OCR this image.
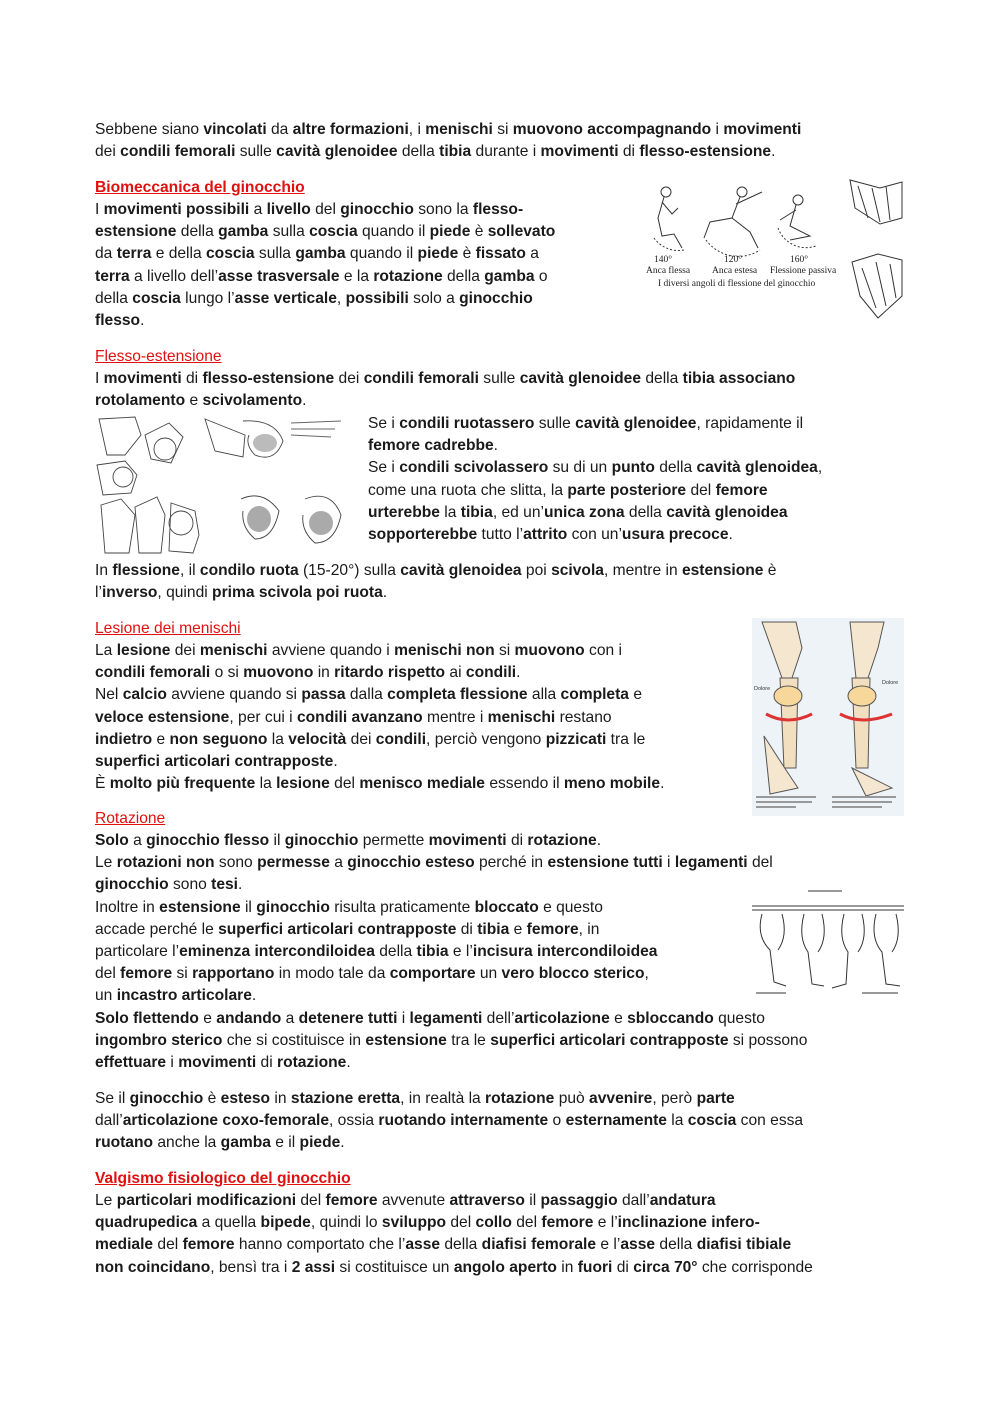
Sebbene siano vincolati da altre formazioni, i menischi si muovono accompagnando i movimenti
dei condili femorali sulle cavità glenoidee della tibia durante i movimenti di flesso-estensione.
Biomeccanica del ginocchio
I movimenti possibili a livello del ginocchio sono la flesso-
estensione della gamba sulla coscia quando il piede è sollevato
da terra e della coscia sulla gamba quando il piede è fissato a
terra a livello dell’asse trasversale e la rotazione della gamba o
della coscia lungo l’asse verticale, possibili solo a ginocchio
flesso.
140°	120°	160°
Anca flessa Anca estesa Flessione passiva
I diversi angoli di flessione del ginocchio
Flesso-estensione
I movimenti di flesso-estensione dei condili femorali sulle cavità glenoidee della tibia associano
rotolamento e scivolamento.
Se i condili ruotassero sulle cavità glenoidee, rapidamente il
femore cadrebbe.
Se i condili scivolassero su di un punto della cavità glenoidea,
come una ruota che slitta, la parte posteriore del femore
urterebbe la tibia, ed un’unica zona della cavità glenoidea
sopporterebbe tutto l’attrito con un’usura precoce.
In flessione, il condilo ruota (15-20°) sulla cavità glenoidea poi scivola, mentre in estensione è
l’inverso, quindi prima scivola poi ruota.
Lesione dei menischi
La lesione dei menischi avviene quando i menischi non si muovono con i
condili femorali o si muovono in ritardo rispetto ai condili.
Nel calcio avviene quando si passa dalla completa flessione alla completa e
veloce estensione, per cui i condili avanzano mentre i menischi restano
indietro e non seguono la velocità dei condili, perciò vengono pizzicati tra le
superfici articolari contrapposte.
È molto più frequente la lesione del menisco mediale essendo il meno mobile.
Dolore
Dolore
Rotazione
Solo a ginocchio flesso il ginocchio permette movimenti di rotazione.
Le rotazioni non sono permesse a ginocchio esteso perché in estensione tutti i legamenti del
ginocchio sono tesi.
Inoltre in estensione il ginocchio risulta praticamente bloccato e questo
accade perché le superfici articolari contrapposte di tibia e femore, in
particolare l’eminenza intercondiloidea della tibia e l’incisura intercondiloidea
del femore si rapportano in modo tale da comportare un vero blocco sterico,
un incastro articolare.
Solo flettendo e andando a detenere tutti i legamenti dell’articolazione e sbloccando questo
ingombro sterico che si costituisce in estensione tra le superfici articolari contrapposte si possono
effettuare i movimenti di rotazione.
Se il ginocchio è esteso in stazione eretta, in realtà la rotazione può avvenire, però parte
dall’articolazione coxo-femorale, ossia ruotando internamente o esternamente la coscia con essa
ruotano anche la gamba e il piede.
Valgismo fisiologico del ginocchio
Le particolari modificazioni del femore avvenute attraverso il passaggio dall’andatura
quadrupedica a quella bipede, quindi lo sviluppo del collo del femore e l’inclinazione infero-
mediale del femore hanno comportato che l’asse della diafisi femorale e l’asse della diafisi tibiale
non coincidano, bensì tra i 2 assi si costituisce un angolo aperto in fuori di circa 70° che corrisponde
